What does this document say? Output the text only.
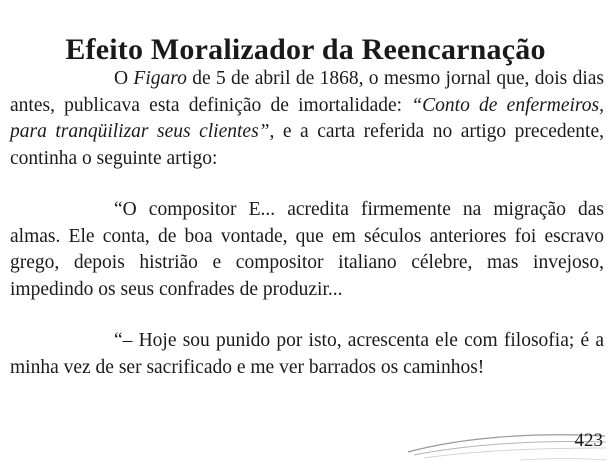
Efeito Moralizador da Reencarnação

O Figaro de 5 de abril de 1868, o mesmo jornal que, dois dias antes, publicava esta definição de imortalidade: “Conto de enfermeiros, para tranqüilizar seus clientes”, e a carta referida no artigo precedente, continha o seguinte artigo:

“O compositor E... acredita firmemente na migração das almas. Ele conta, de boa vontade, que em séculos anteriores foi escravo grego, depois histrião e compositor italiano célebre, mas invejoso, impedindo os seus confrades de produzir...

“– Hoje sou punido por isto, acrescenta ele com filosofia; é a minha vez de ser sacrificado e me ver barrados os caminhos!

423
